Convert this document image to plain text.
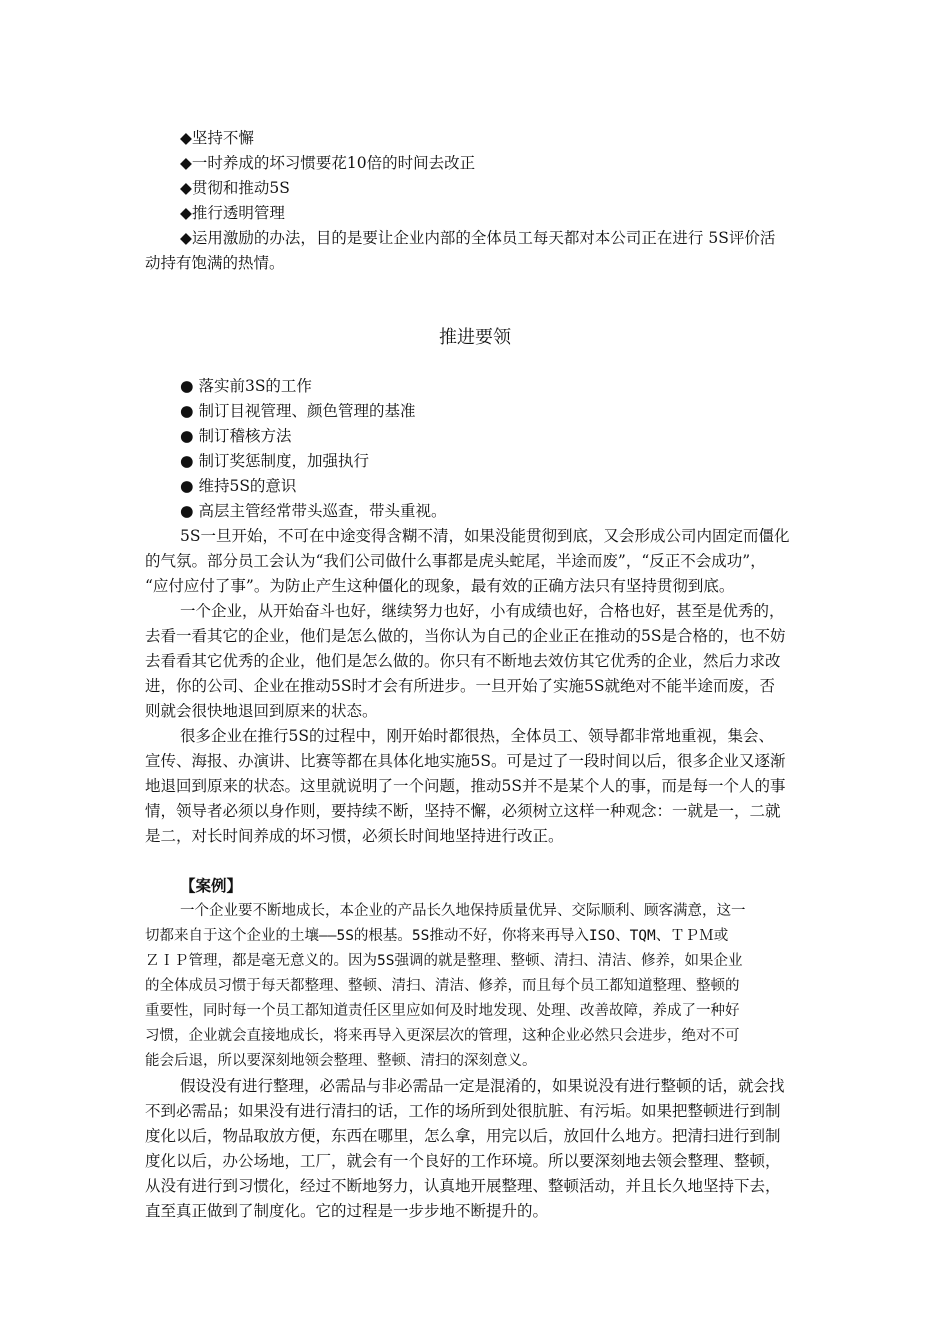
◆坚持不懈
◆一时养成的坏习惯要花10倍的时间去改正
◆贯彻和推动5S
◆推行透明管理
◆运用激励的办法，目的是要让企业内部的全体员工每天都对本公司正在进行 5S评价活
动持有饱满的热情。
推进要领
● 落实前3S的工作
● 制订目视管理、颜色管理的基准
● 制订稽核方法
● 制订奖惩制度，加强执行
● 维持5S的意识
● 高层主管经常带头巡查，带头重视。
5S一旦开始，不可在中途变得含糊不清，如果没能贯彻到底，又会形成公司内固定而僵化
的气氛。部分员工会认为“我们公司做什么事都是虎头蛇尾，半途而废”，“反正不会成功”，
“应付应付了事”。为防止产生这种僵化的现象，最有效的正确方法只有坚持贯彻到底。
一个企业，从开始奋斗也好，继续努力也好，小有成绩也好，合格也好，甚至是优秀的，
去看一看其它的企业，他们是怎么做的，当你认为自己的企业正在推动的5S是合格的，也不妨
去看看其它优秀的企业，他们是怎么做的。你只有不断地去效仿其它优秀的企业，然后力求改
进，你的公司、企业在推动5S时才会有所进步。一旦开始了实施5S就绝对不能半途而废，否
则就会很快地退回到原来的状态。
很多企业在推行5S的过程中，刚开始时都很热，全体员工、领导都非常地重视，集会、
宣传、海报、办演讲、比赛等都在具体化地实施5S。可是过了一段时间以后，很多企业又逐渐
地退回到原来的状态。这里就说明了一个问题，推动5S并不是某个人的事，而是每一个人的事
情，领导者必须以身作则，要持续不断，坚持不懈，必须树立这样一种观念：一就是一，二就
是二，对长时间养成的坏习惯，必须长时间地坚持进行改正。
【案例】
一个企业要不断地成长，本企业的产品长久地保持质量优异、交际顺利、顾客满意，这一
切都来自于这个企业的土壤——5S的根基。5S推动不好，你将来再导入ISO、TQM、ＴＰＭ或
ＺＩＰ管理，都是毫无意义的。因为5S强调的就是整理、整顿、清扫、清洁、修养，如果企业
的全体成员习惯于每天都整理、整顿、清扫、清洁、修养，而且每个员工都知道整理、整顿的
重要性，同时每一个员工都知道责任区里应如何及时地发现、处理、改善故障，养成了一种好
习惯，企业就会直接地成长，将来再导入更深层次的管理，这种企业必然只会进步，绝对不可
能会后退，所以要深刻地领会整理、整顿、清扫的深刻意义。
假设没有进行整理，必需品与非必需品一定是混淆的，如果说没有进行整顿的话，就会找
不到必需品；如果没有进行清扫的话，工作的场所到处很肮脏、有污垢。如果把整顿进行到制
度化以后，物品取放方便，东西在哪里，怎么拿，用完以后，放回什么地方。把清扫进行到制
度化以后，办公场地，工厂，就会有一个良好的工作环境。所以要深刻地去领会整理、整顿，
从没有进行到习惯化，经过不断地努力，认真地开展整理、整顿活动，并且长久地坚持下去，
直至真正做到了制度化。它的过程是一步步地不断提升的。
